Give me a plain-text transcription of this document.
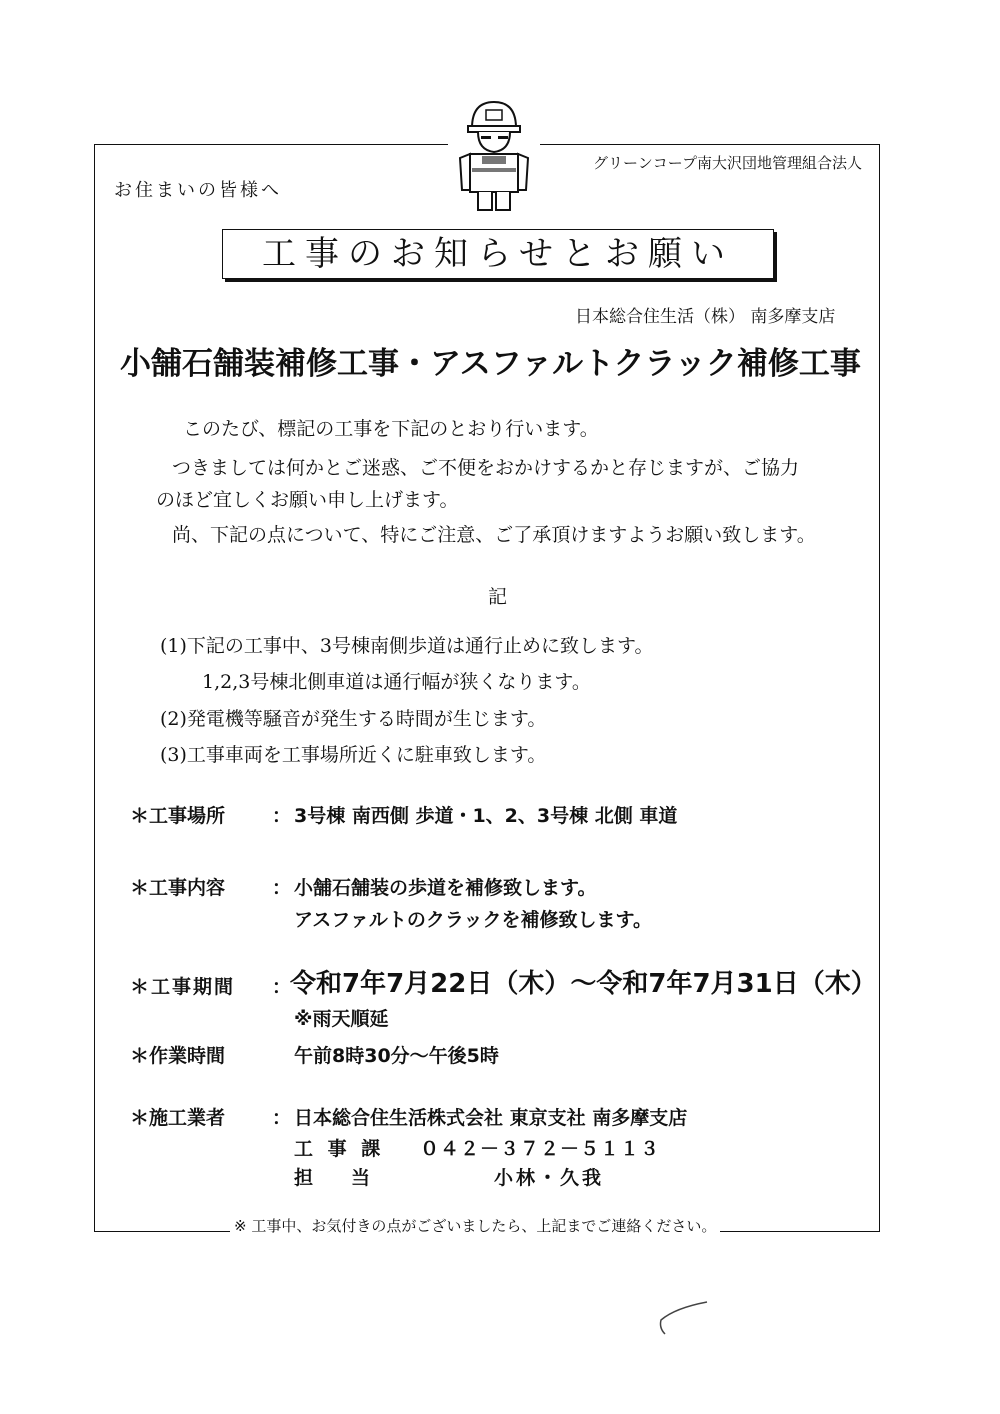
グリーンコープ南大沢団地管理組合法人
お住まいの皆様へ
工事のお知らせとお願い
日本総合住生活（株） 南多摩支店
小舗石舗装補修工事・アスファルトクラック補修工事
このたび、標記の工事を下記のとおり行います。
つきましては何かとご迷惑、ご不便をおかけするかと存じますが、ご協力
のほど宜しくお願い申し上げます。
尚、下記の点について、特にご注意、ご了承頂けますようお願い致します。
記
(1)下記の工事中、3号棟南側歩道は通行止めに致します。
1,2,3号棟北側車道は通行幅が狭くなります。
(2)発電機等騒音が発生する時間が生じます。
(3)工事車両を工事場所近くに駐車致します。
＊工事場所 ： 3号棟 南西側 歩道・1、2、3号棟 北側 車道
＊工事内容 ： 小舗石舗装の歩道を補修致します。
アスファルトのクラックを補修致します。
＊工事期間 ：
令和7年7月22日（木）～令和7年7月31日（木）
※雨天順延
＊作業時間	午前8時30分～午後5時
＊施工業者 ： 日本総合住生活株式会社 東京支社 南多摩支店
工 事 課 ０４２－３７２－５１１３
担　　当	小林・久我
※ 工事中、お気付きの点がございましたら、上記までご連絡ください。
